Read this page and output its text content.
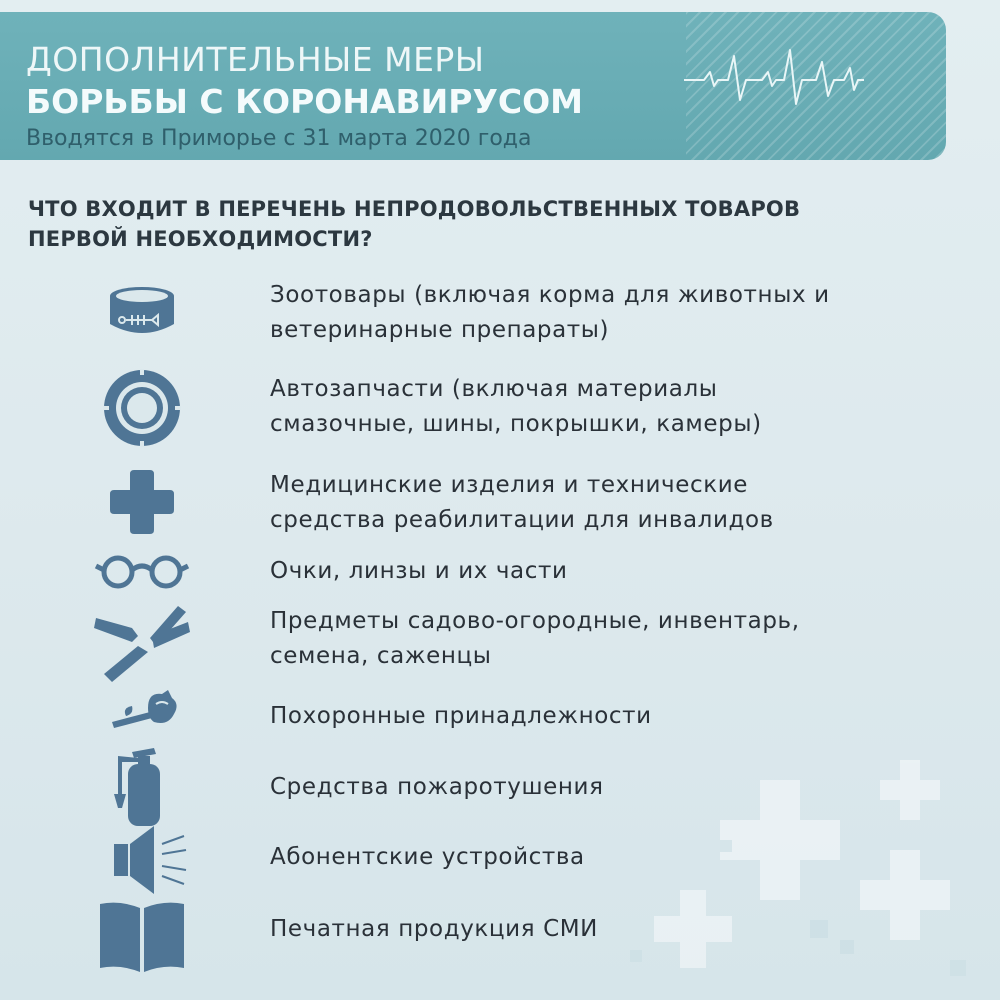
ДОПОЛНИТЕЛЬНЫЕ МЕРЫ
БОРЬБЫ С КОРОНАВИРУСОМ
Вводятся в Приморье с 31 марта 2020 года
ЧТО ВХОДИТ В ПЕРЕЧЕНЬ НЕПРОДОВОЛЬСТВЕННЫХ ТОВАРОВ
ПЕРВОЙ НЕОБХОДИМОСТИ?
Зоотовары (включая корма для животных и
ветеринарные препараты)
Автозапчасти (включая материалы
смазочные, шины, покрышки, камеры)
Медицинские изделия и технические
средства реабилитации для инвалидов
Очки, линзы и их части
Предметы садово-огородные, инвентарь,
семена, саженцы
Похоронные принадлежности
Средства пожаротушения
Абонентские устройства
Печатная продукция СМИ
